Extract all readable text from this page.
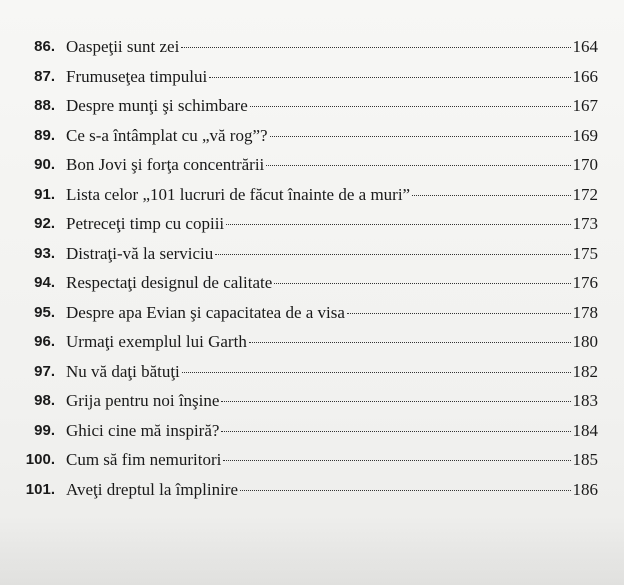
86. Oaspeţii sunt zei	164
87. Frumuseţea timpului	166
88. Despre munţi şi schimbare	167
89. Ce s-a întâmplat cu „vă rog”?	169
90. Bon Jovi şi forţa concentrării	170
91. Lista celor „101 lucruri de făcut înainte de a muri”	172
92. Petreceţi timp cu copiii	173
93. Distraţi-vă la serviciu	175
94. Respectaţi designul de calitate	176
95. Despre apa Evian şi capacitatea de a visa	178
96. Urmaţi exemplul lui Garth	180
97. Nu vă daţi bătuţi	182
98. Grija pentru noi înşine	183
99. Ghici cine mă inspiră?	184
100. Cum să fim nemuritori	185
101. Aveţi dreptul la împlinire	186
